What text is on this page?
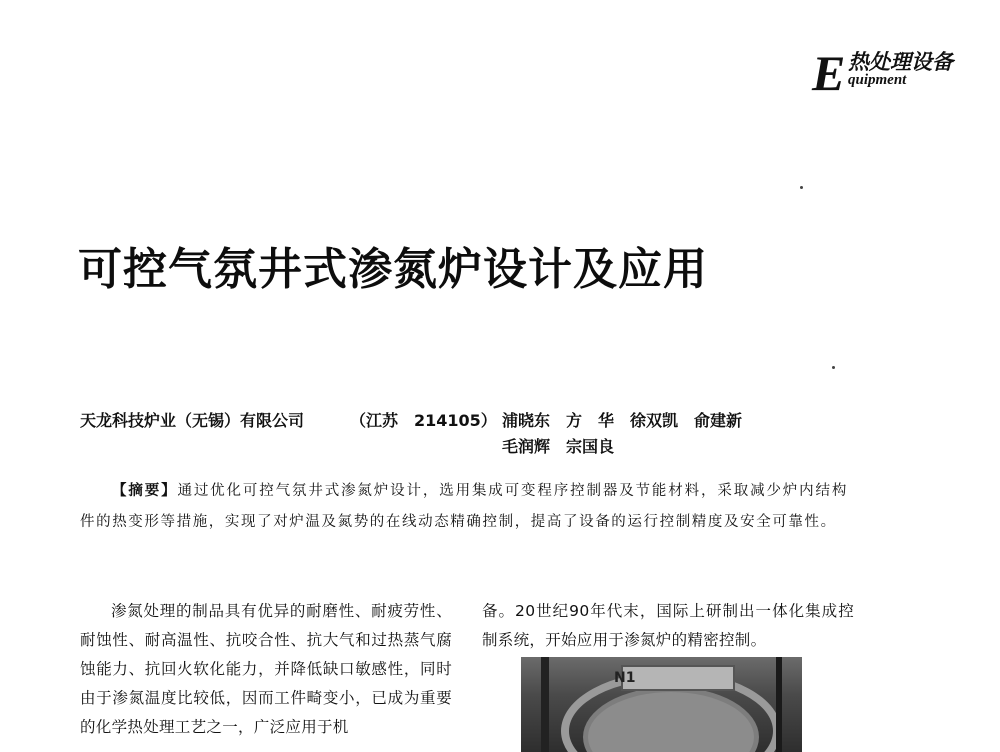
E 热处理设备
quipment
可控气氛井式渗氮炉设计及应用
天龙科技炉业（无锡）有限公司	（江苏　214105） 浦晓东　方　华　徐双凯　俞建新
毛润辉　宗国良
【摘要】通过优化可控气氛井式渗氮炉设计，选用集成可变程序控制器及节能材料，采取减少炉内结构件的热变形等措施，实现了对炉温及氮势的在线动态精确控制，提高了设备的运行控制精度及安全可靠性。
渗氮处理的制品具有优异的耐磨性、耐疲劳性、耐蚀性、耐高温性、抗咬合性、抗大气和过热蒸气腐蚀能力、抗回火软化能力，并降低缺口敏感性，同时由于渗氮温度比较低，因而工件畸变小，已成为重要的化学热处理工艺之一，广泛应用于机
备。20世纪90年代末，国际上研制出一体化集成控制系统，开始应用于渗氮炉的精密控制。
N1
